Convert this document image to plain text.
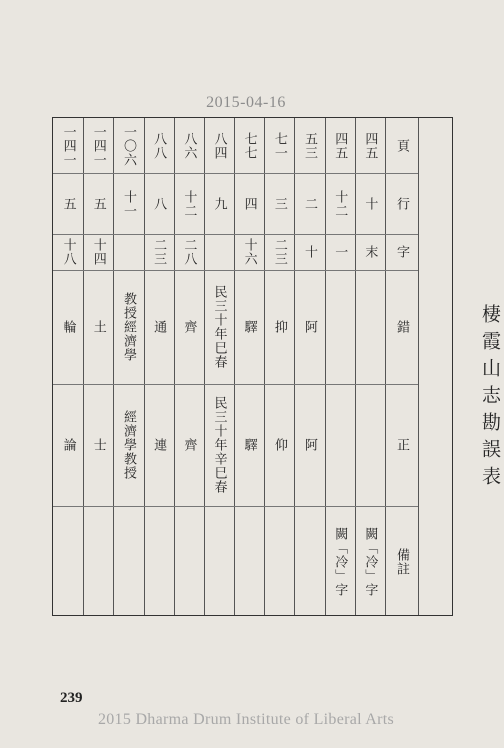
2015-04-16
棲霞山志勘誤表
頁
行
字
錯
正
備註
四五
十
末
闕「冷」字
四五
十二
一
闕「冷」字
五三
二
十
阿
阿
七一
三
二三
抑
仰
七七
四
十六
驛
驛
八四
九
民三十年巳春
民三十年辛巳春
八六
十二
二八
齊
齊
八八
八
二三
通
連
一〇六
十一
教授經濟學
經濟學教授
一四一
五
十四
土
士
一四一
五
十八
輪
論
239
2015 Dharma Drum Institute of Liberal Arts
